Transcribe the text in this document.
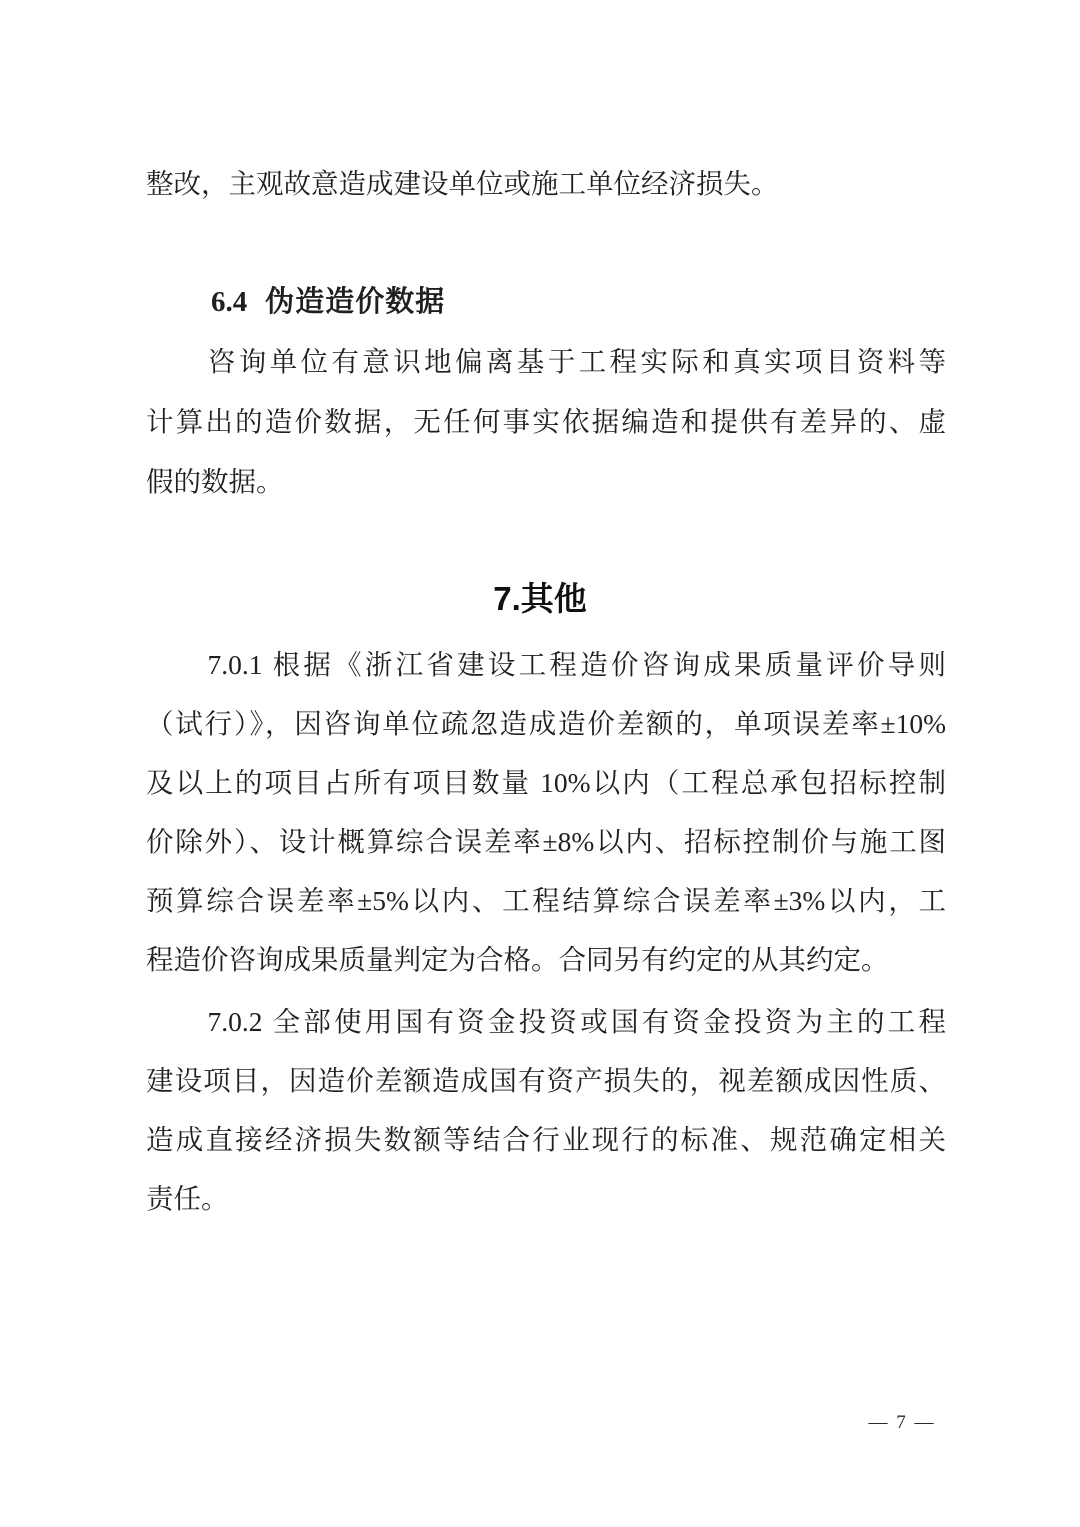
整改，主观故意造成建设单位或施工单位经济损失。
6.4 伪造造价数据
　　咨询单位有意识地偏离基于工程实际和真实项目资料等
计算出的造价数据，无任何事实依据编造和提供有差异的、虚
假的数据。
7.其他
　　7.0.1 根据《浙江省建设工程造价咨询成果质量评价导则
（试行）》，因咨询单位疏忽造成造价差额的，单项误差率±10%
及以上的项目占所有项目数量 10%以内（工程总承包招标控制
价除外）、设计概算综合误差率±8%以内、招标控制价与施工图
预算综合误差率±5%以内、工程结算综合误差率±3%以内，工
程造价咨询成果质量判定为合格。合同另有约定的从其约定。
　　7.0.2 全部使用国有资金投资或国有资金投资为主的工程
建设项目，因造价差额造成国有资产损失的，视差额成因性质、
造成直接经济损失数额等结合行业现行的标准、规范确定相关
责任。
— 7 —
